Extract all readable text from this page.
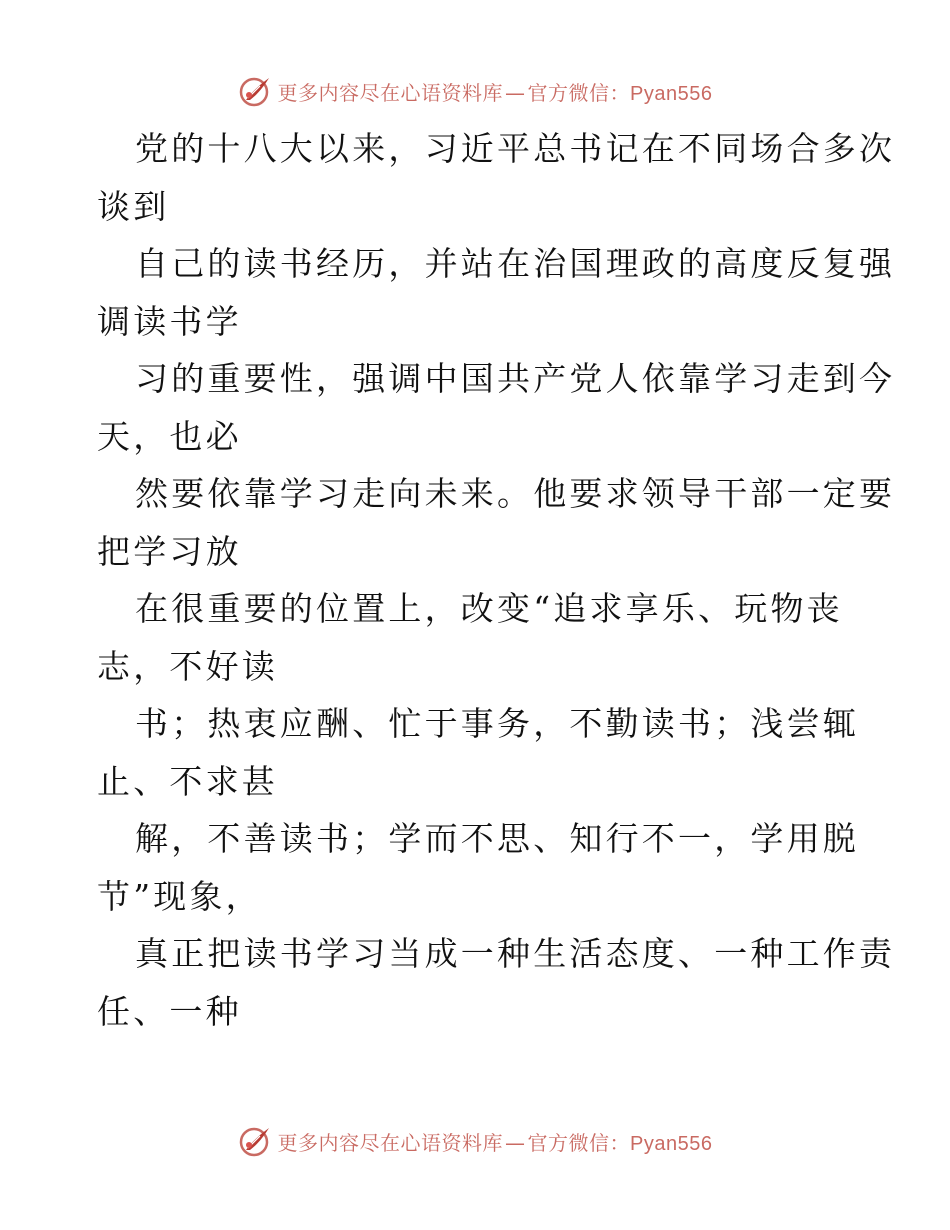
更多内容尽在心语资料库 — 官方微信：Pyan556
党的十八大以来，习近平总书记在不同场合多次
谈到
自己的读书经历，并站在治国理政的高度反复强
调读书学
习的重要性，强调中国共产党人依靠学习走到今
天，也必
然要依靠学习走向未来。他要求领导干部一定要
把学习放
在很重要的位置上，改变“追求享乐、玩物丧
志，不好读
书；热衷应酬、忙于事务，不勤读书；浅尝辄
止、不求甚
解，不善读书；学而不思、知行不一，学用脱
节”现象，
真正把读书学习当成一种生活态度、一种工作责
任、一种
更多内容尽在心语资料库 — 官方微信：Pyan556
